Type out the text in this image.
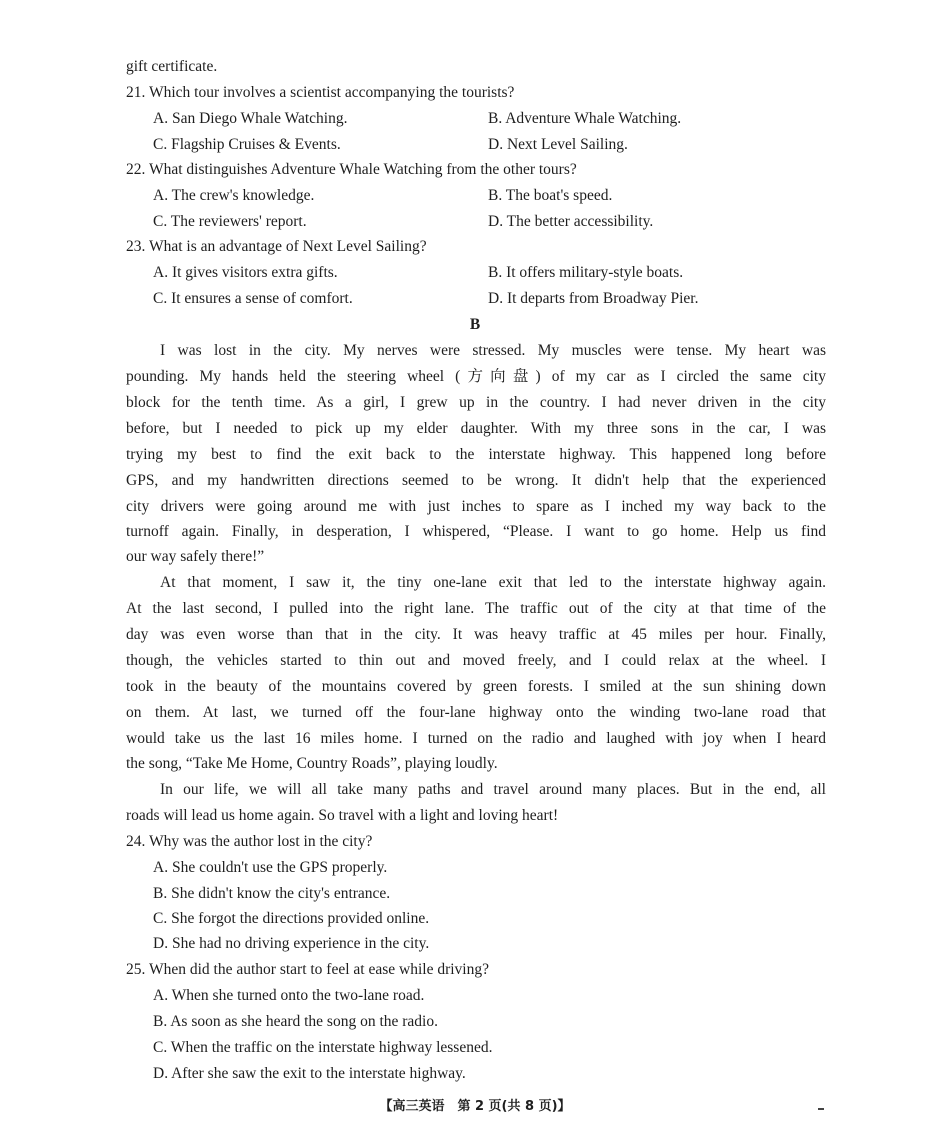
gift certificate.
21. Which tour involves a scientist accompanying the tourists?
A. San Diego Whale Watching.	B. Adventure Whale Watching.
C. Flagship Cruises & Events.	D. Next Level Sailing.
22. What distinguishes Adventure Whale Watching from the other tours?
A. The crew's knowledge.	B. The boat's speed.
C. The reviewers' report.	D. The better accessibility.
23. What is an advantage of Next Level Sailing?
A. It gives visitors extra gifts.	B. It offers military-style boats.
C. It ensures a sense of comfort.	D. It departs from Broadway Pier.
B
I was lost in the city. My nerves were stressed. My muscles were tense. My heart was
pounding. My hands held the steering wheel (方向盘) of my car as I circled the same city
block for the tenth time. As a girl, I grew up in the country. I had never driven in the city
before, but I needed to pick up my elder daughter. With my three sons in the car, I was
trying my best to find the exit back to the interstate highway. This happened long before
GPS, and my handwritten directions seemed to be wrong. It didn't help that the experienced
city drivers were going around me with just inches to spare as I inched my way back to the
turnoff again. Finally, in desperation, I whispered, “Please. I want to go home. Help us find
our way safely there!”
At that moment, I saw it, the tiny one-lane exit that led to the interstate highway again.
At the last second, I pulled into the right lane. The traffic out of the city at that time of the
day was even worse than that in the city. It was heavy traffic at 45 miles per hour. Finally,
though, the vehicles started to thin out and moved freely, and I could relax at the wheel. I
took in the beauty of the mountains covered by green forests. I smiled at the sun shining down
on them. At last, we turned off the four-lane highway onto the winding two-lane road that
would take us the last 16 miles home. I turned on the radio and laughed with joy when I heard
the song, “Take Me Home, Country Roads”, playing loudly.
In our life, we will all take many paths and travel around many places. But in the end, all
roads will lead us home again. So travel with a light and loving heart!
24. Why was the author lost in the city?
A. She couldn't use the GPS properly.
B. She didn't know the city's entrance.
C. She forgot the directions provided online.
D. She had no driving experience in the city.
25. When did the author start to feel at ease while driving?
A. When she turned onto the two-lane road.
B. As soon as she heard the song on the radio.
C. When the traffic on the interstate highway lessened.
D. After she saw the exit to the interstate highway.
【高三英语　第 2 页(共 8 页)】
